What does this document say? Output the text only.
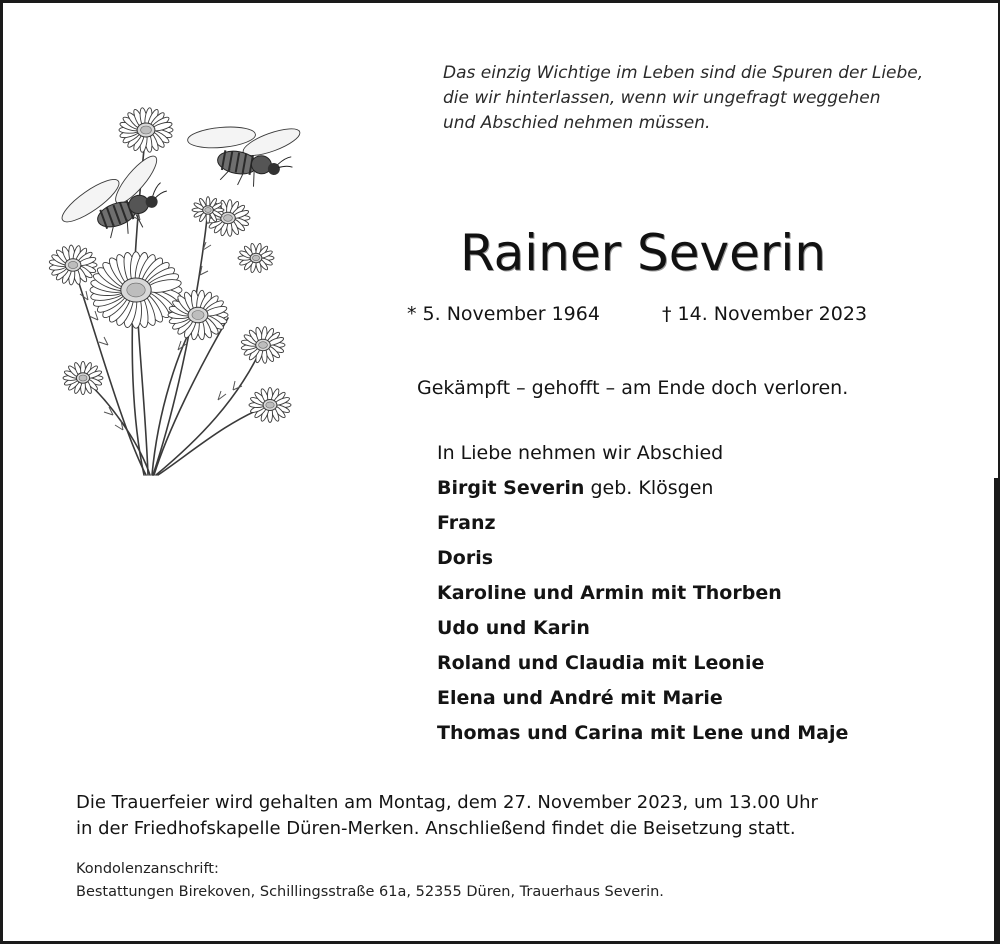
Das einzig Wichtige im Leben sind die Spuren der Liebe,
die wir hinterlassen, wenn wir ungefragt weggehen
und Abschied nehmen müssen.
Rainer Severin
* 5. November 1964	† 14. November 2023
Gekämpft – gehofft – am Ende doch verloren.
In Liebe nehmen wir Abschied
Birgit Severin geb. Klösgen
Franz
Doris
Karoline und Armin mit Thorben
Udo und Karin
Roland und Claudia mit Leonie
Elena und André mit Marie
Thomas und Carina mit Lene und Maje
Die Trauerfeier wird gehalten am Montag, dem 27. November 2023, um 13.00 Uhr
in der Friedhofskapelle Düren-Merken. Anschließend findet die Beisetzung statt.
Kondolenzanschrift:
Bestattungen Birekoven, Schillingsstraße 61a, 52355 Düren, Trauerhaus Severin.
